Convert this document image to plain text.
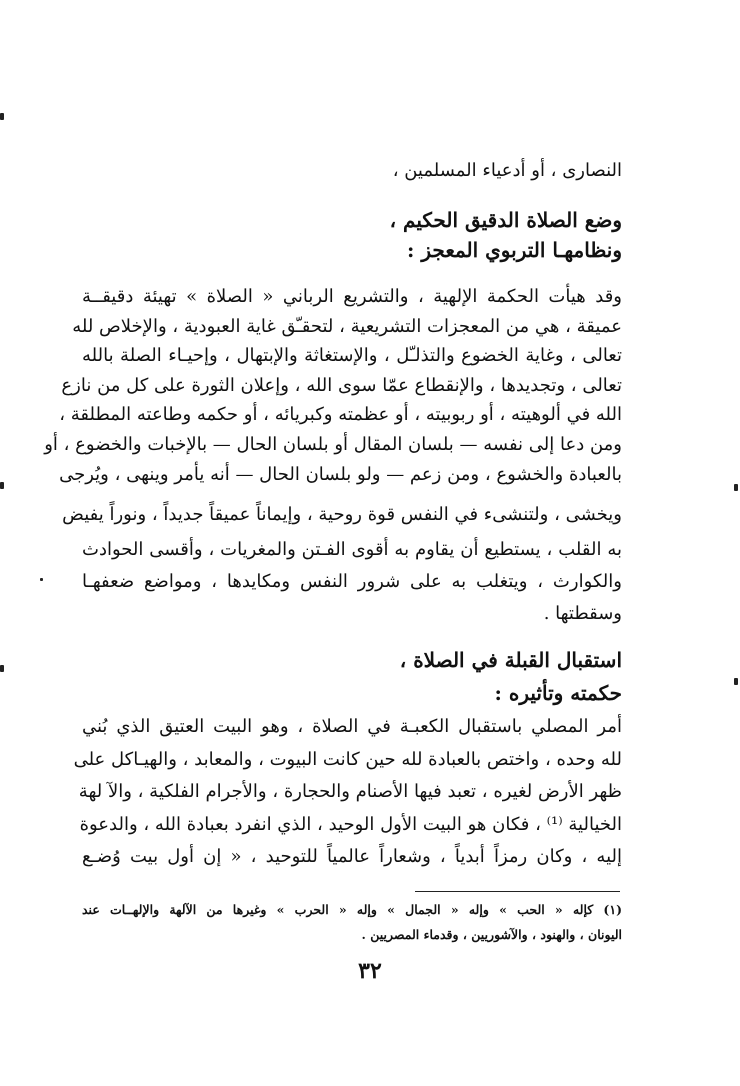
النصارى ، أو أدعياء المسلمين ،
وضع الصلاة الدقيق الحكيم ،
ونظامهـا التربوي المعجز :
وقد هيأت الحكمة الإلهية ، والتشريع الرباني « الصلاة » تهيئة دقيقــة
عميقة ، هي من المعجزات التشريعية ، لتحقـّق غاية العبودية ، والإخلاص لله
تعالى ، وغاية الخضوع والتذلـّل ، والإستغاثة والإبتهال ، وإحيـاء الصلة بالله
تعالى ، وتجديدها ، والإنقطاع عمّا سوى الله ، وإعلان الثورة على كل من نازع
الله في ألوهيته ، أو ربوبيته ، أو عظمته وكبريائه ، أو حكمه وطاعته المطلقة ،
ومن دعا إلى نفسه — بلسان المقال أو بلسان الحال — بالإخبات والخضوع ، أو
بالعبادة والخشوع ، ومن زعم — ولو بلسان الحال — أنه يأمر وينهى ، ويُرجى
ويخشى ، ولتنشىء في النفس قوة روحية ، وإيماناً عميقاً جديداً ، ونوراً يفيض
به القلب ، يستطيع أن يقاوم به أقوى الفـتن والمغريات ، وأقسى الحوادث
والكوارث ، ويتغلب به على شرور النفس ومكايدها ، ومواضع ضعفهـا
وسقطتها .
استقبال القبلة في الصلاة ،
حكمته وتأثيره :
أمر المصلي باستقبال الكعبـة في الصلاة ، وهو البيت العتيق الذي بُني
لله وحده ، واختص بالعبادة لله حين كانت البيوت ، والمعابد ، والهيـاكل على
ظهر الأرض لغيره ، تعبد فيها الأصنام والحجارة ، والأجرام الفلكية ، والآ لهة
الخيالية ⁽¹⁾ ، فكان هو البيت الأول الوحيد ، الذي انفرد بعبادة الله ، والدعوة
إليه ، وكان رمزاً أبدياً ، وشعاراً عالمياً للتوحيد ، « إن أول بيت وُضـع
(١) كإله « الحب » وإله « الجمال » وإله « الحرب » وغيرها من الآلهة والإلهــات عند
اليونان ، والهنود ، والآشوريين ، وقدماء المصريين .
٣٢
